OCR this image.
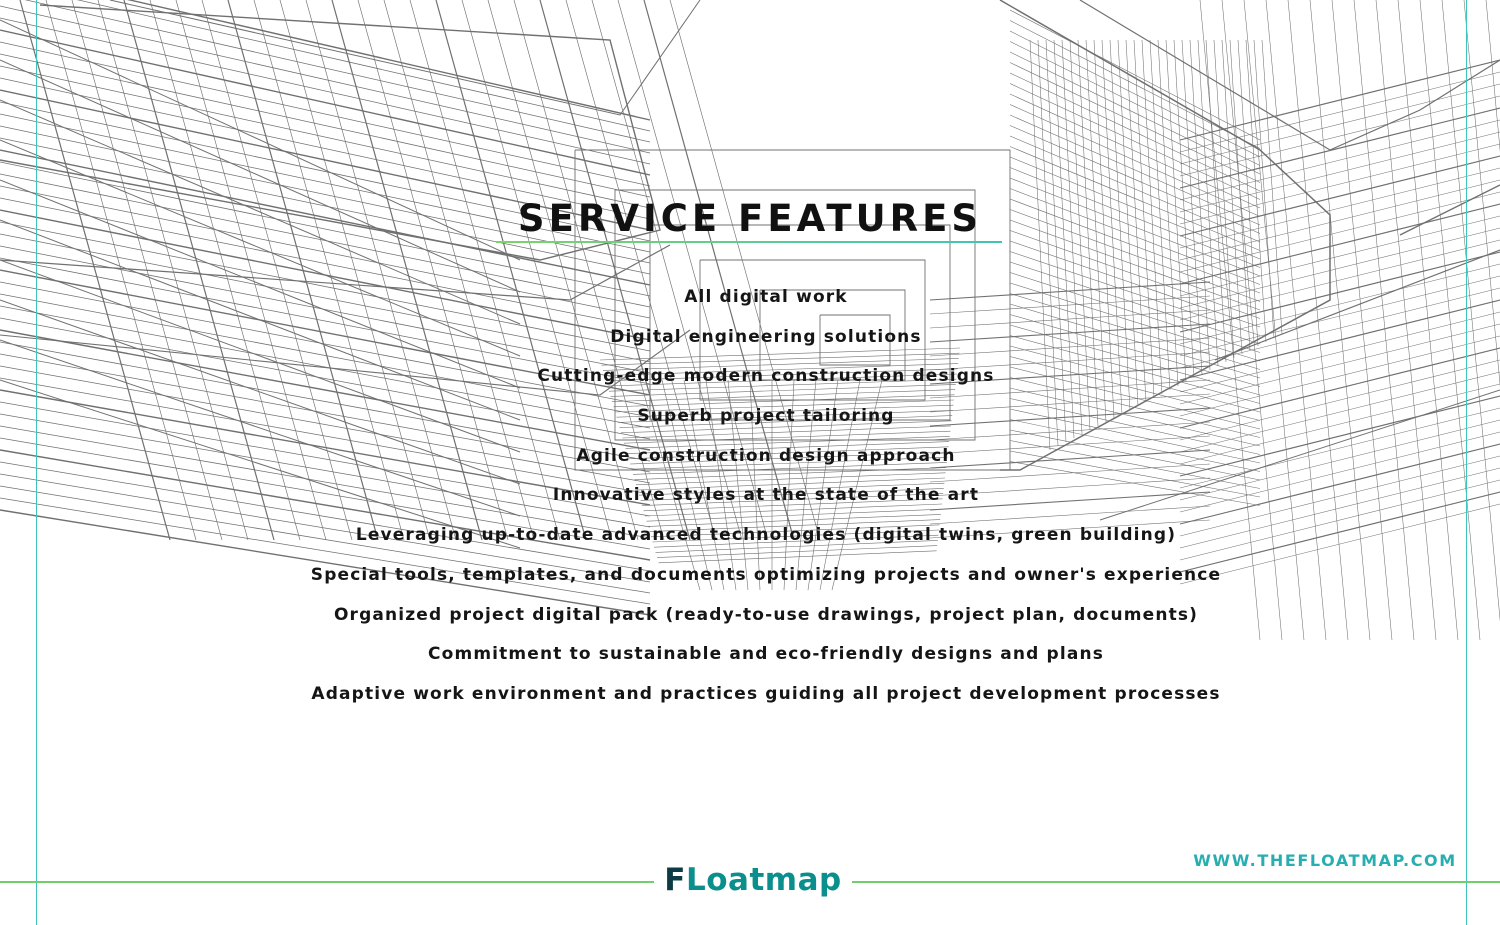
SERVICE FEATURES
All digital work
Digital engineering solutions
Cutting-edge modern construction designs
Superb project tailoring
Agile construction design approach
Innovative styles at the state of the art
Leveraging up-to-date advanced technologies (digital twins, green building)
Special tools, templates, and documents optimizing projects and owner's experience
Organized project digital pack (ready-to-use drawings, project plan, documents)
Commitment to sustainable and eco-friendly designs and plans
Adaptive work environment and practices guiding all project development processes
FLoatmap
WWW.THEFLOATMAP.COM
